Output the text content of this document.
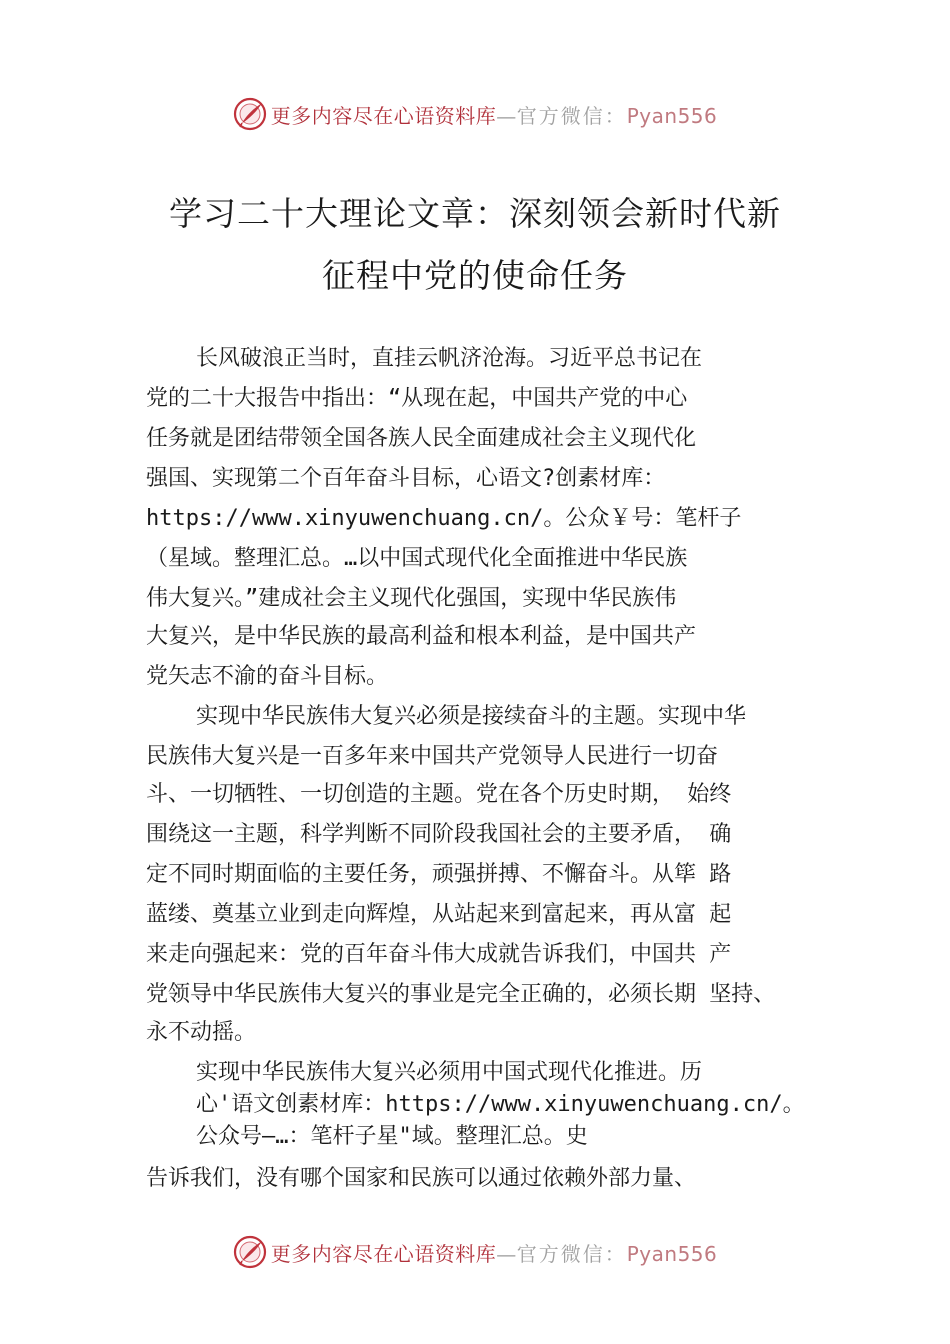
更多内容尽在心语资料库—官方微信：Pyan556
学习二十大理论文章：深刻领会新时代新
征程中党的使命任务
长风破浪正当时，直挂云帆济沧海。习近平总书记在
党的二十大报告中指出：“从现在起，中国共产党的中心
任务就是团结带领全国各族人民全面建成社会主义现代化
强国、实现第二个百年奋斗目标，心语文?创素材库：
https://www.xinyuwenchuang.cn/。公众￥号：笔杆子
（星域。整理汇总。…以中国式现代化全面推进中华民族
伟大复兴。”建成社会主义现代化强国，实现中华民族伟
大复兴，是中华民族的最高利益和根本利益，是中国共产
党矢志不渝的奋斗目标。
实现中华民族伟大复兴必须是接续奋斗的主题。实现中华
民族伟大复兴是一百多年来中国共产党领导人民进行一切奋
斗、一切牺牲、一切创造的主题。党在各个历史时期， 始终
围绕这一主题，科学判断不同阶段我国社会的主要矛盾， 确
定不同时期面临的主要任务，顽强拼搏、不懈奋斗。从筚 路
蓝缕、奠基立业到走向辉煌，从站起来到富起来，再从富 起
来走向强起来：党的百年奋斗伟大成就告诉我们，中国共 产
党领导中华民族伟大复兴的事业是完全正确的，必须长期 坚持、
永不动摇。
实现中华民族伟大复兴必须用中国式现代化推进。历
心'语文创素材库：https://www.xinyuwenchuang.cn/。
公众号—…：笔杆子星"域。整理汇总。史
告诉我们，没有哪个国家和民族可以通过依赖外部力量、
更多内容尽在心语资料库—官方微信：Pyan556
